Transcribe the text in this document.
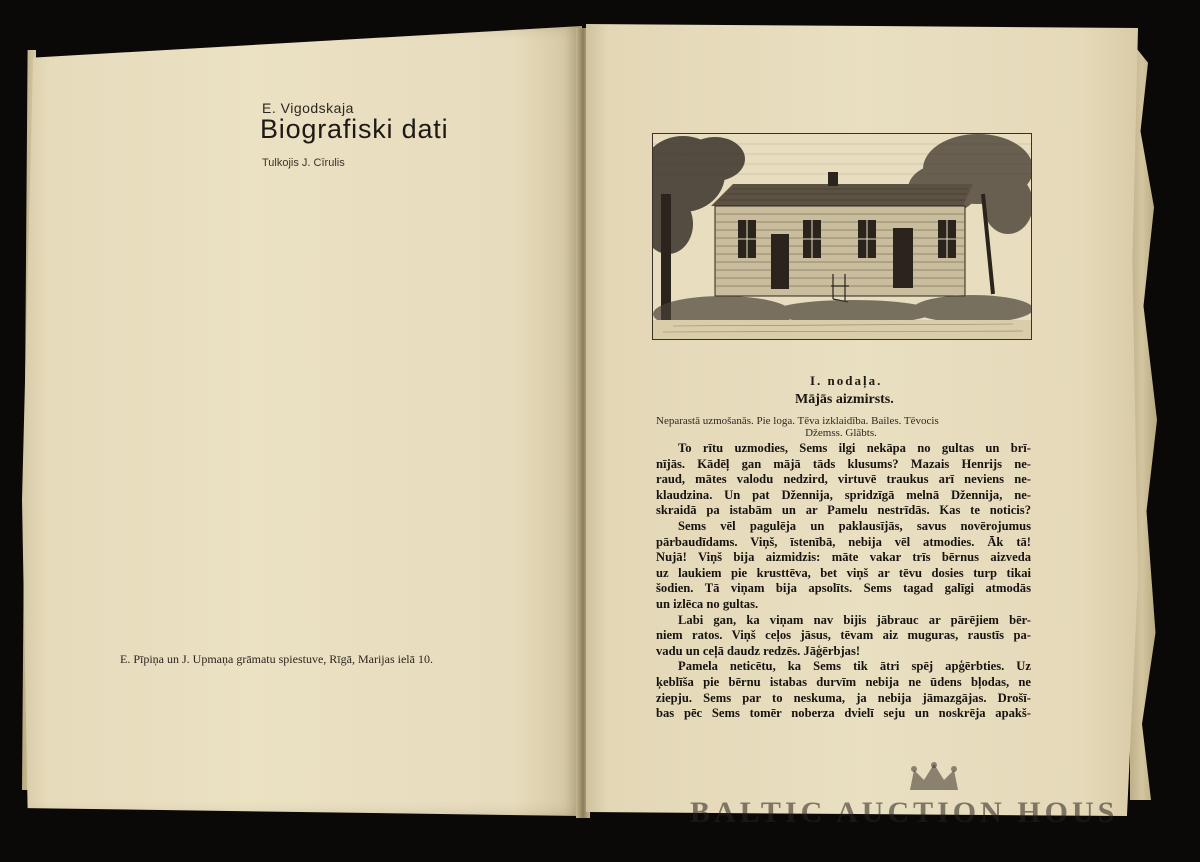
E. Vigodskaja

Biografiski dati

Tulkojis J. Cīrulis

E. Pīpiņa un J. Upmaņa grāmatu spiestuve, Rīgā, Marijas ielā 10.

I. nodaļa.

Mājās aizmirsts.
Neparastā uzmošanās. Pie loga. Tēva izklaidība. Bailes. Tēvocis
Džemss. Glābts.
To rītu uzmodies, Sems ilgi nekāpa no gultas un brī-
nījās. Kādēļ gan mājā tāds klusums? Mazais Henrijs ne-
raud, mātes valodu nedzird, virtuvē traukus arī neviens ne-
klaudzina. Un pat Džennija, spridzīgā melnā Džennija, ne-
skraidā pa istabām un ar Pamelu nestrīdās. Kas te noticis?
Sems vēl pagulēja un paklausījās, savus novērojumus
pārbaudīdams. Viņš, īstenībā, nebija vēl atmodies. Āk tā!
Nujā! Viņš bija aizmidzis: māte vakar trīs bērnus aizveda
uz laukiem pie krusttēva, bet viņš ar tēvu dosies turp tikai
šodien. Tā viņam bija apsolīts. Sems tagad galīgi atmodās
un izlēca no gultas.
Labi gan, ka viņam nav bijis jābrauc ar pārējiem bēr-
niem ratos. Viņš ceļos jāsus, tēvam aiz muguras, raustīs pa-
vadu un ceļā daudz redzēs. Jāģērbjas!
Pamela neticētu, ka Sems tik ātri spēj apģērbties. Uz
ķeblīša pie bērnu istabas durvīm nebija ne ūdens bļodas, ne
ziepju. Sems par to neskuma, ja nebija jāmazgājas. Drošī-
bas pēc Sems tomēr noberza dvielī seju un noskrēja apakš-

BALTIC AUCTION HOUS
